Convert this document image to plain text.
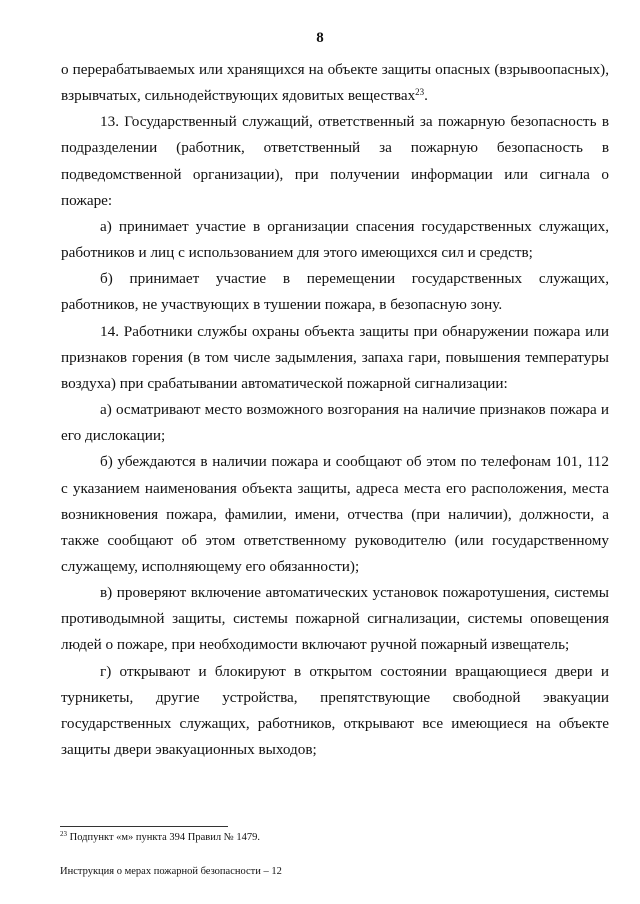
8

о перерабатываемых или хранящихся на объекте защиты опасных (взрывоопасных), взрывчатых, сильнодействующих ядовитых веществах$^{23}$.

13. Государственный служащий, ответственный за пожарную безопасность в подразделении (работник, ответственный за пожарную безопасность в подведомственной организации), при получении информации или сигнала о пожаре:

а) принимает участие в организации спасения государственных служащих, работников и лиц с использованием для этого имеющихся сил и средств;

б) принимает участие в перемещении государственных служащих, работников, не участвующих в тушении пожара, в безопасную зону.

14. Работники службы охраны объекта защиты при обнаружении пожара или признаков горения (в том числе задымления, запаха гари, повышения температуры воздуха) при срабатывании автоматической пожарной сигнализации:

а) осматривают место возможного возгорания на наличие признаков пожара и его дислокации;

б) убеждаются в наличии пожара и сообщают об этом по телефонам 101, 112 с указанием наименования объекта защиты, адреса места его расположения, места возникновения пожара, фамилии, имени, отчества (при наличии), должности, а также сообщают об этом ответственному руководителю (или государственному служащему, исполняющему его обязанности);

в) проверяют включение автоматических установок пожаротушения, системы противодымной защиты, системы пожарной сигнализации, системы оповещения людей о пожаре, при необходимости включают ручной пожарный извещатель;

г) открывают и блокируют в открытом состоянии вращающиеся двери и турникеты, другие устройства, препятствующие свободной эвакуации государственных служащих, работников, открывают все имеющиеся на объекте защиты двери эвакуационных выходов;

$^{23}$ Подпункт «м» пункта 394 Правил № 1479.
Инструкция о мерах пожарной безопасности – 12
